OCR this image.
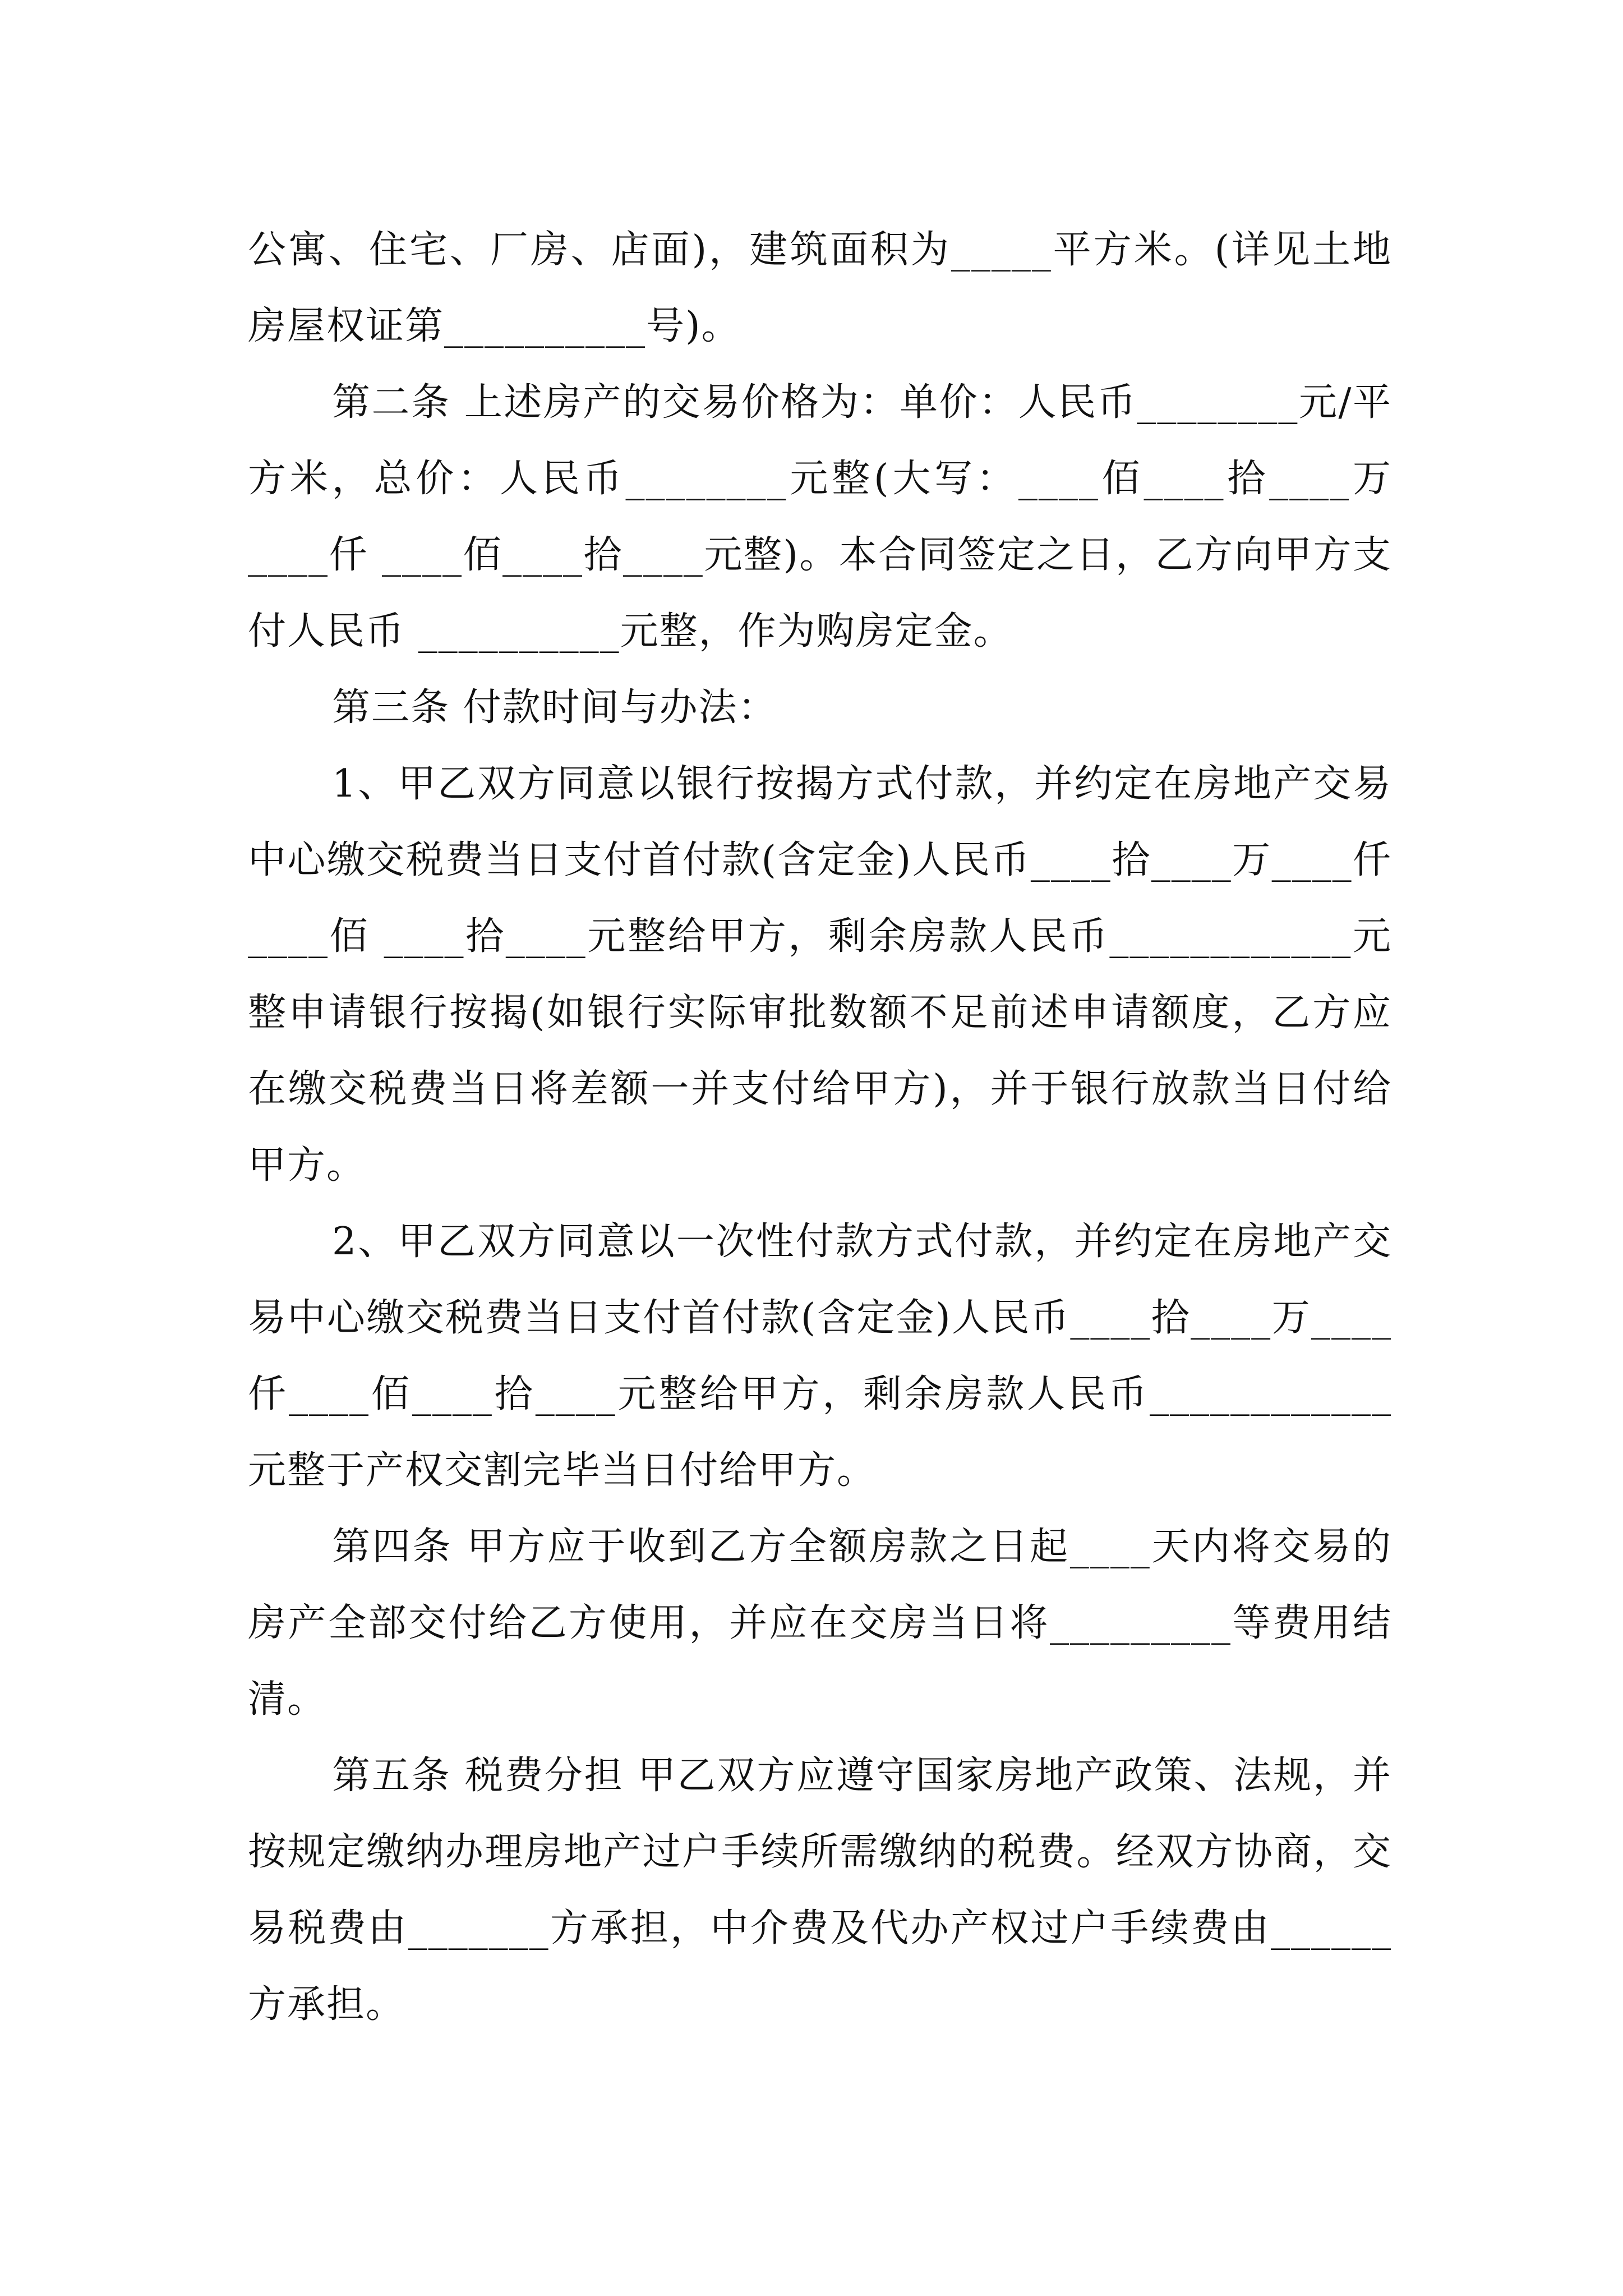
公寓、住宅、厂房、店面)，建筑面积为_____平方米。(详见土地房屋权证第__________号)。

第二条 上述房产的交易价格为：单价：人民币________元/平方米，总价：人民币________元整(大写：____佰____拾____万____仟 ____佰____拾____元整)。本合同签定之日，乙方向甲方支付人民币 __________元整，作为购房定金。

第三条 付款时间与办法：

1、甲乙双方同意以银行按揭方式付款，并约定在房地产交易中心缴交税费当日支付首付款(含定金)人民币____拾____万____仟____佰 ____拾____元整给甲方，剩余房款人民币____________元整申请银行按揭(如银行实际审批数额不足前述申请额度，乙方应在缴交税费当日将差额一并支付给甲方)，并于银行放款当日付给甲方。

2、甲乙双方同意以一次性付款方式付款，并约定在房地产交易中心缴交税费当日支付首付款(含定金)人民币____拾____万____仟____佰____拾____元整给甲方，剩余房款人民币____________元整于产权交割完毕当日付给甲方。

第四条 甲方应于收到乙方全额房款之日起____天内将交易的房产全部交付给乙方使用，并应在交房当日将_________等费用结清。

第五条 税费分担 甲乙双方应遵守国家房地产政策、法规，并按规定缴纳办理房地产过户手续所需缴纳的税费。经双方协商，交易税费由_______方承担，中介费及代办产权过户手续费由______方承担。
